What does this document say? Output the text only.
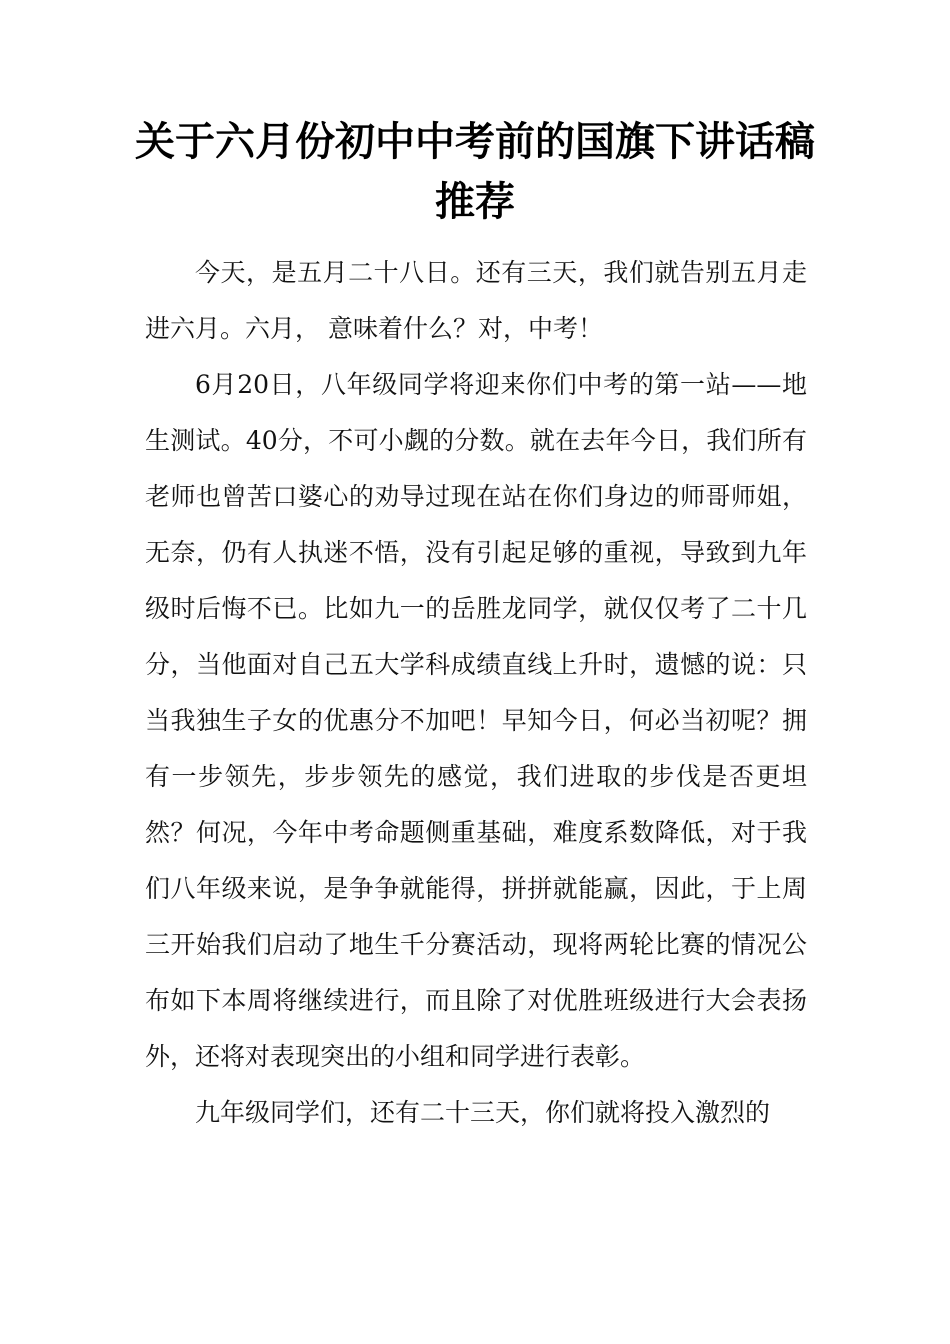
关于六月份初中中考前的国旗下讲话稿推荐

今天，是五月二十八日。还有三天，我们就告别五月走进六月。六月， 意味着什么？对，中考！

6月20日，八年级同学将迎来你们中考的第一站——地生测试。40分，不可小觑的分数。就在去年今日，我们所有老师也曾苦口婆心的劝导过现在站在你们身边的师哥师姐，无奈，仍有人执迷不悟，没有引起足够的重视，导致到九年级时后悔不已。比如九一的岳胜龙同学，就仅仅考了二十几分，当他面对自己五大学科成绩直线上升时，遗憾的说：只当我独生子女的优惠分不加吧！早知今日，何必当初呢？拥有一步领先，步步领先的感觉，我们进取的步伐是否更坦然？何况，今年中考命题侧重基础，难度系数降低，对于我们八年级来说，是争争就能得，拼拼就能赢，因此，于上周三开始我们启动了地生千分赛活动，现将两轮比赛的情况公布如下本周将继续进行，而且除了对优胜班级进行大会表扬外，还将对表现突出的小组和同学进行表彰。

九年级同学们，还有二十三天，你们就将投入激烈的
